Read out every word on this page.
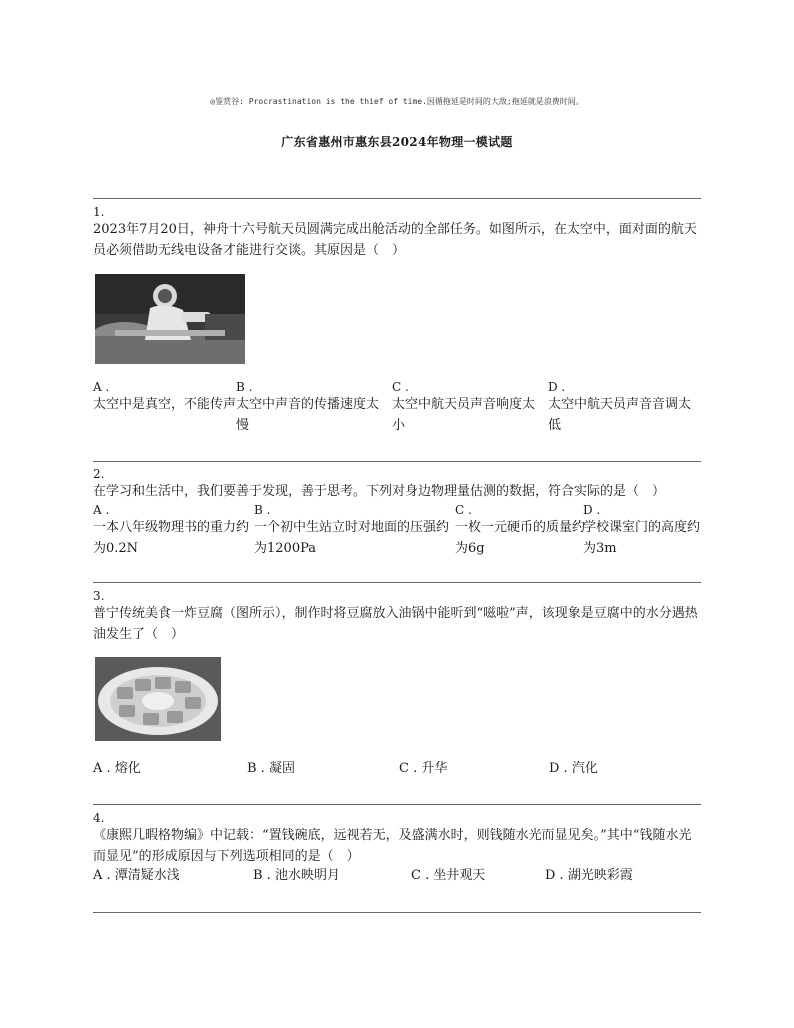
◎鉴赏谷: Procrastination is the thief of time.因循拖延是时间的大敌;拖延就是浪费时间。
广东省惠州市惠东县2024年物理一模试题
1.
2023年7月20日，神舟十六号航天员圆满完成出舱活动的全部任务。如图所示，在太空中，面对面的航天员必须借助无线电设备才能进行交谈。其原因是（　）
A .
太空中是真空，不能传声
B .
太空中声音的传播速度太慢
C .
太空中航天员声音响度太小
D .
太空中航天员声音音调太低
2.
在学习和生活中，我们要善于发现，善于思考。下列对身边物理量估测的数据，符合实际的是（　）
A .
一本八年级物理书的重力约为0.2N
B .
一个初中生站立时对地面的压强约为1200Pa
C .
一枚一元硬币的质量约为6g
D .
学校课室门的高度约为3m
3.
普宁传统美食一炸豆腐（图所示），制作时将豆腐放入油锅中能听到“嗞啦”声，该现象是豆腐中的水分遇热油发生了（　）
A . 熔化	B . 凝固	C . 升华	D . 汽化
4.
《康熙几暇格物编》中记载：“置钱碗底，远视若无，及盛满水时，则钱随水光而显见矣。”其中“钱随水光而显见”的形成原因与下列选项相同的是（　）
A . 潭清疑水浅	B . 池水映明月	C . 坐井观天	D . 湖光映彩霞
